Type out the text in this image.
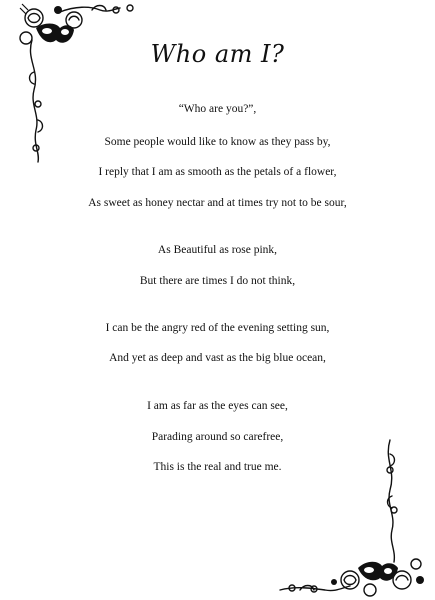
Who am I?
“Who are you?”,
Some people would like to know as they pass by,
I reply that I am as smooth as the petals of a flower,
As sweet as honey nectar and at times try not to be sour,
As Beautiful as rose pink,
But there are times I do not think,
I can be the angry red of the evening setting sun,
And yet as deep and vast as the big blue ocean,
I am as far as the eyes can see,
Parading around so carefree,
This is the real and true me.
